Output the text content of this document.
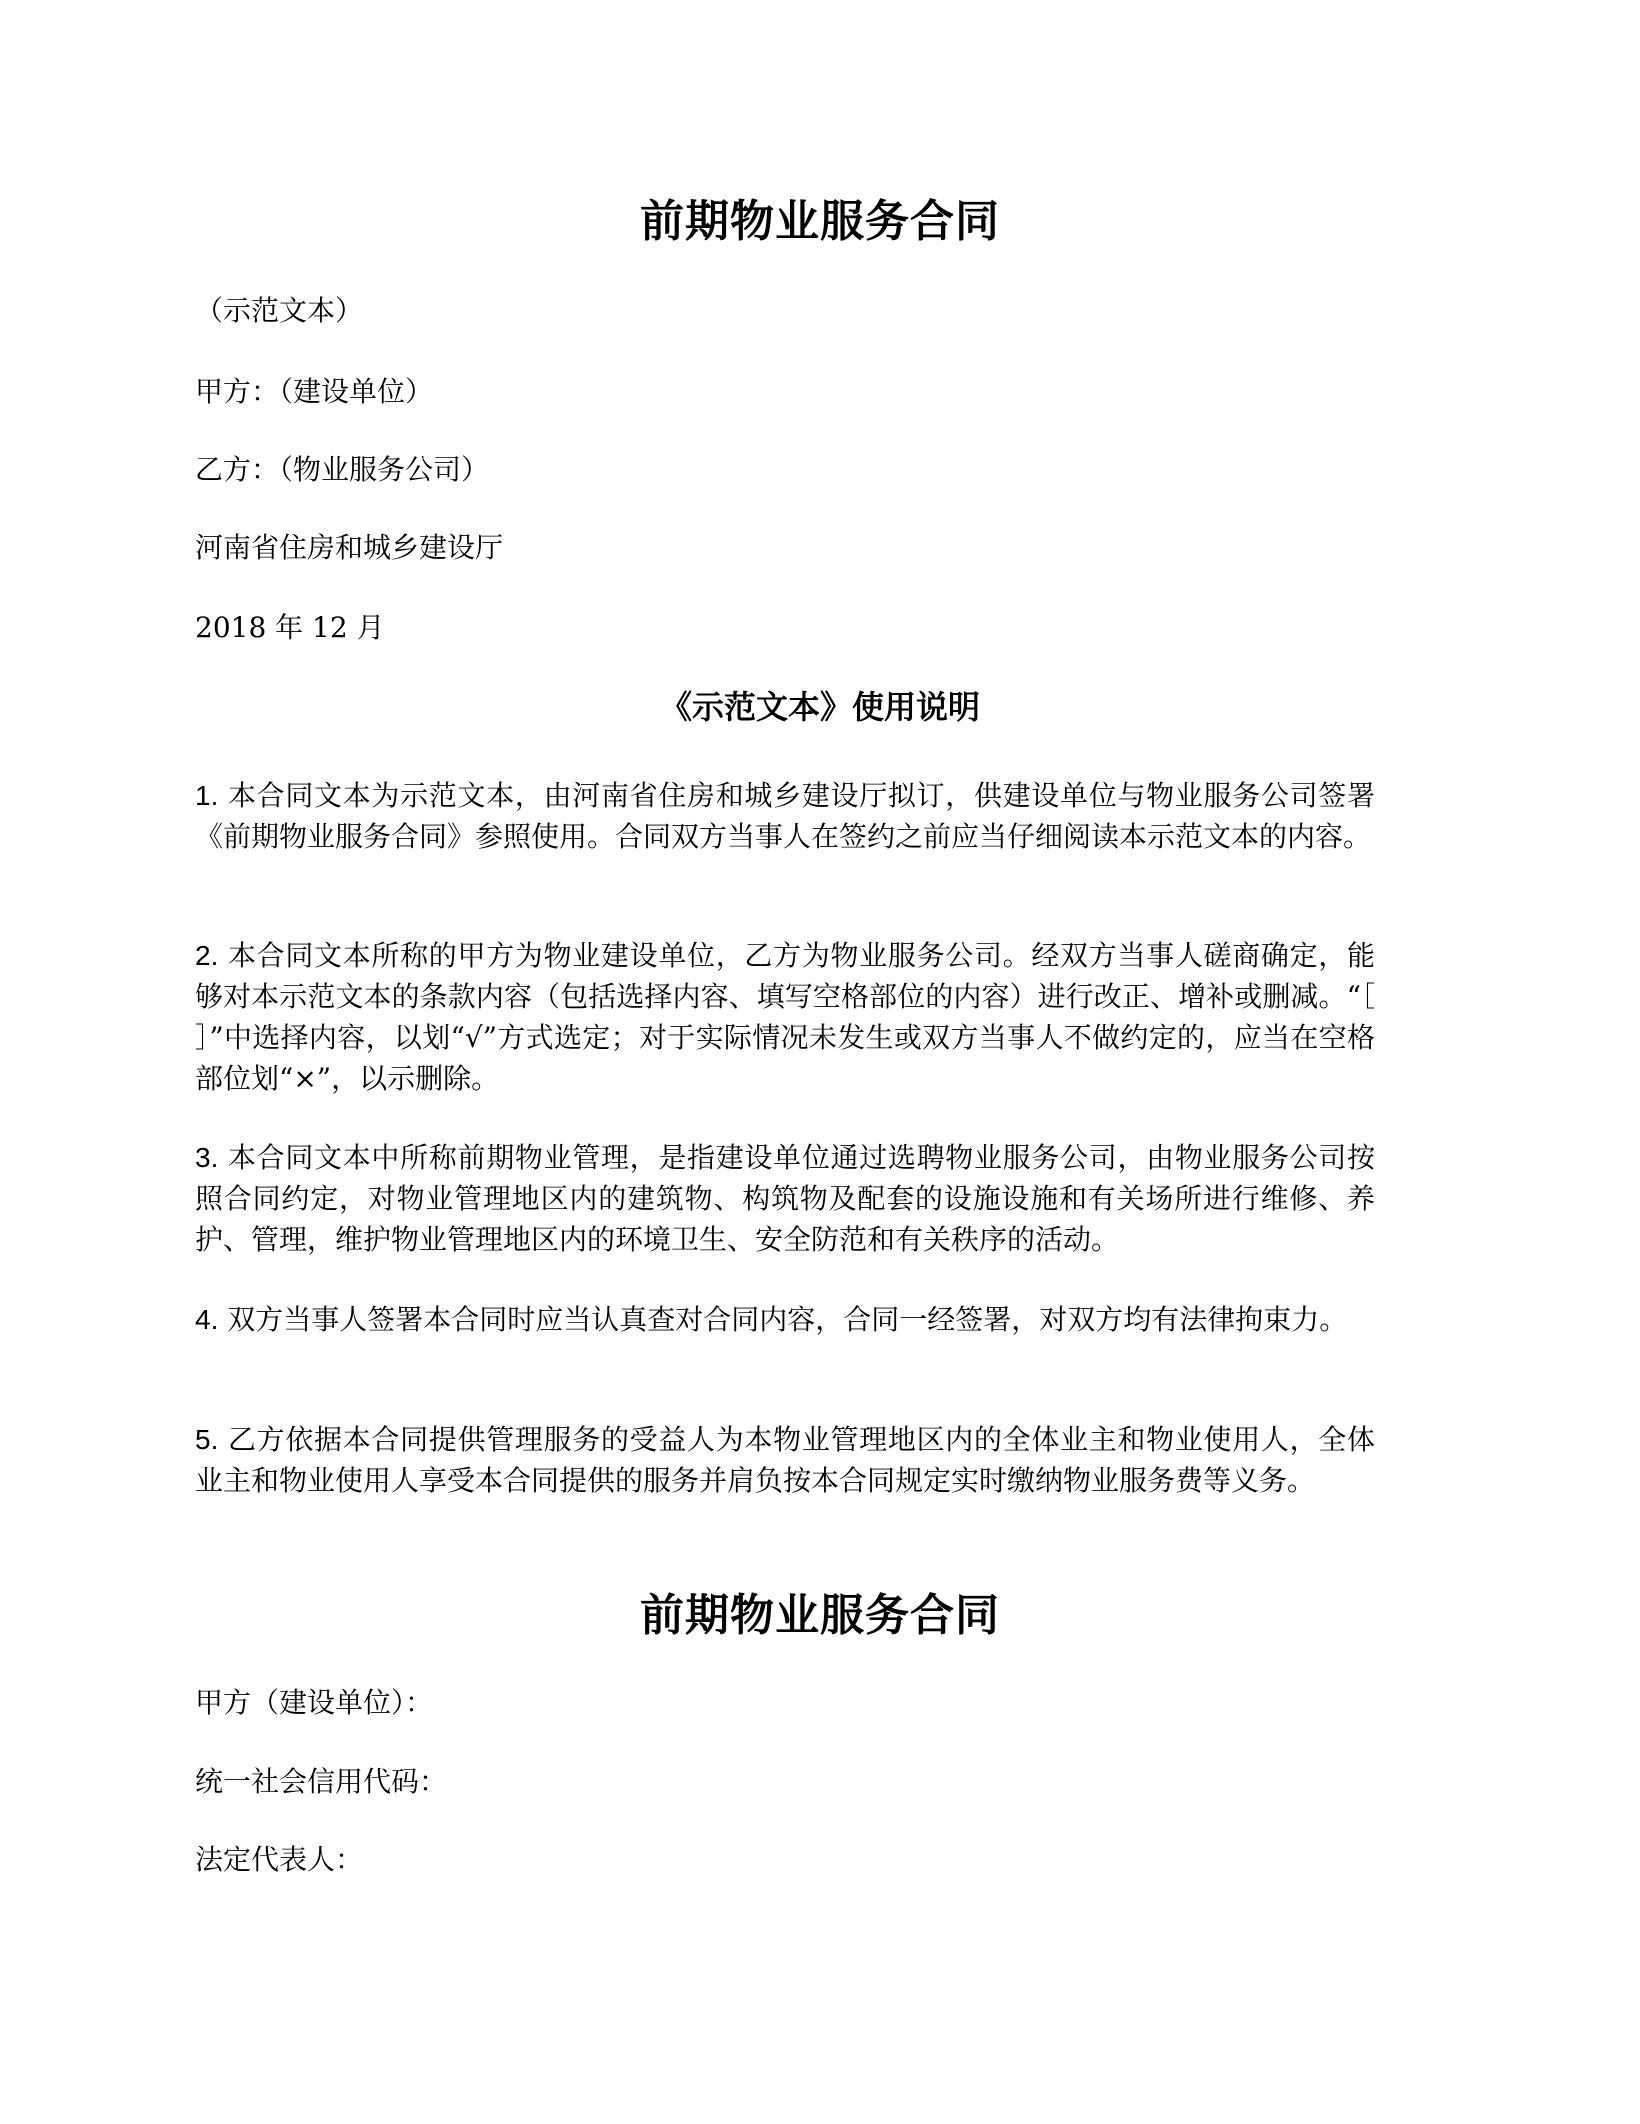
前期物业服务合同

（示范文本）

甲方：（建设单位）

乙方：（物业服务公司）

河南省住房和城乡建设厅

2018 年 12 月

《示范文本》使用说明

1. 本合同文本为示范文本，由河南省住房和城乡建设厅拟订，供建设单位与物业服务公司签署《前期物业服务合同》参照使用。合同双方当事人在签约之前应当仔细阅读本示范文本的内容。

2. 本合同文本所称的甲方为物业建设单位，乙方为物业服务公司。经双方当事人磋商确定，能够对本示范文本的条款内容（包括选择内容、填写空格部位的内容）进行改正、增补或删减。“［ ］”中选择内容，以划“√”方式选定；对于实际情况未发生或双方当事人不做约定的，应当在空格部位划“×”，以示删除。

3. 本合同文本中所称前期物业管理，是指建设单位通过选聘物业服务公司，由物业服务公司按照合同约定，对物业管理地区内的建筑物、构筑物及配套的设施设施和有关场所进行维修、养护、管理，维护物业管理地区内的环境卫生、安全防范和有关秩序的活动。

4. 双方当事人签署本合同时应当认真查对合同内容，合同一经签署，对双方均有法律拘束力。

5. 乙方依据本合同提供管理服务的受益人为本物业管理地区内的全体业主和物业使用人，全体业主和物业使用人享受本合同提供的服务并肩负按本合同规定实时缴纳物业服务费等义务。

前期物业服务合同

甲方（建设单位）：

统一社会信用代码：

法定代表人：
